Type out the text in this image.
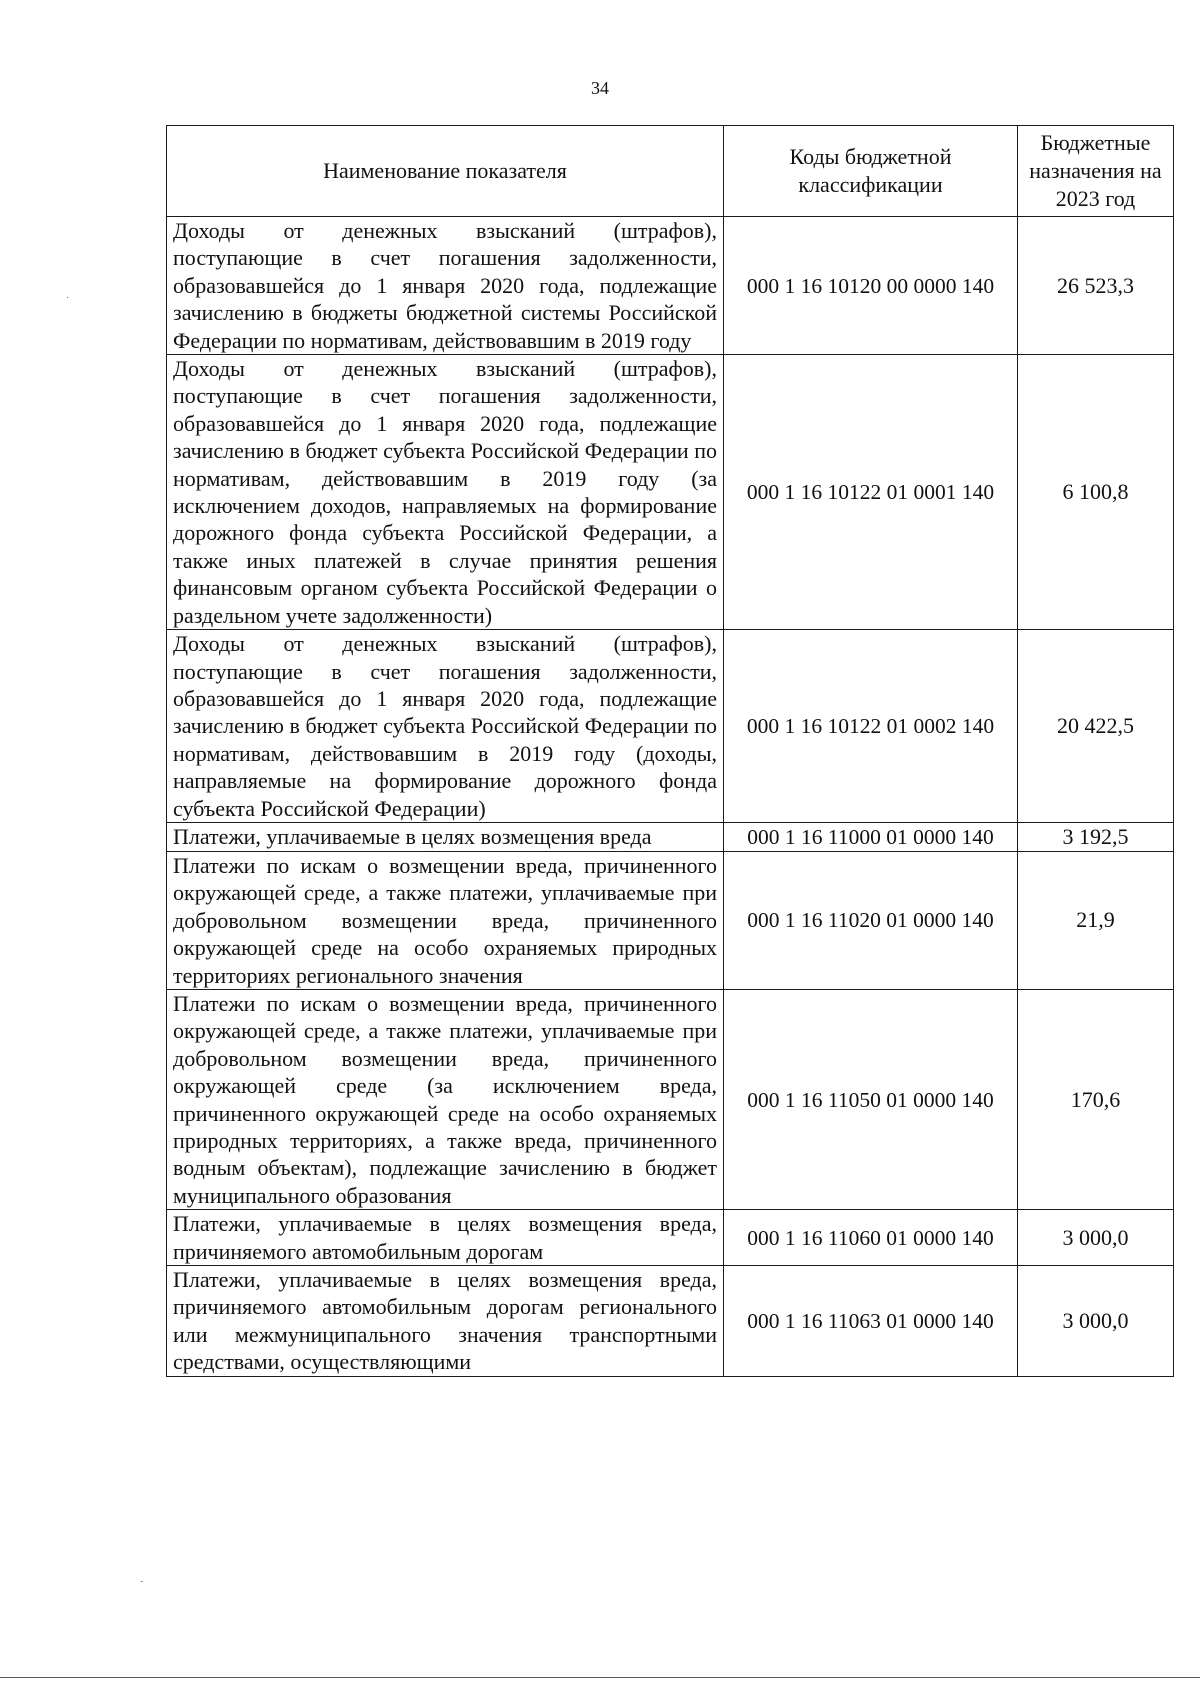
34
·
-
Наименование показателя	Коды бюджетной классификации	Бюджетные назначения на 2023 год
Доходы от денежных взысканий (штрафов), поступающие в счет погашения задолженности, образовавшейся до 1 января 2020 года, подлежащие зачислению в бюджеты бюджетной системы Российской Федерации по нормативам, действовавшим в 2019 году	000 1 16 10120 00 0000 140	26 523,3
Доходы от денежных взысканий (штрафов), поступающие в счет погашения задолженности, образовавшейся до 1 января 2020 года, подлежащие зачислению в бюджет субъекта Российской Федерации по нормативам, действовавшим в 2019 году (за исключением доходов, направляемых на формирование дорожного фонда субъекта Российской Федерации, а также иных платежей в случае принятия решения финансовым органом субъекта Российской Федерации о раздельном учете задолженности)	000 1 16 10122 01 0001 140	6 100,8
Доходы от денежных взысканий (штрафов), поступающие в счет погашения задолженности, образовавшейся до 1 января 2020 года, подлежащие зачислению в бюджет субъекта Российской Федерации по нормативам, действовавшим в 2019 году (доходы, направляемые на формирование дорожного фонда субъекта Российской Федерации)	000 1 16 10122 01 0002 140	20 422,5
Платежи, уплачиваемые в целях возмещения вреда	000 1 16 11000 01 0000 140	3 192,5
Платежи по искам о возмещении вреда, причиненного окружающей среде, а также платежи, уплачиваемые при добровольном возмещении вреда, причиненного окружающей среде на особо охраняемых природных территориях регионального значения	000 1 16 11020 01 0000 140	21,9
Платежи по искам о возмещении вреда, причиненного окружающей среде, а также платежи, уплачиваемые при добровольном возмещении вреда, причиненного окружающей среде (за исключением вреда, причиненного окружающей среде на особо охраняемых природных территориях, а также вреда, причиненного водным объектам), подлежащие зачислению в бюджет муниципального образования	000 1 16 11050 01 0000 140	170,6
Платежи, уплачиваемые в целях возмещения вреда, причиняемого автомобильным дорогам	000 1 16 11060 01 0000 140	3 000,0
Платежи, уплачиваемые в целях возмещения вреда, причиняемого автомобильным дорогам регионального или межмуниципального значения транспортными средствами, осуществляющими	000 1 16 11063 01 0000 140	3 000,0
